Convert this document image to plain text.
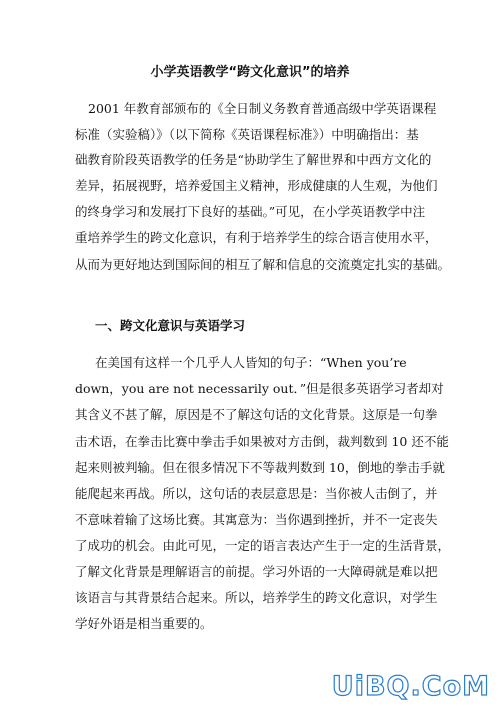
小学英语教学“跨文化意识”的培养
2001 年教育部颁布的《全日制义务教育普通高级中学英语课程
标准（实验稿）》（以下简称《英语课程标准》）中明确指出：基
础教育阶段英语教学的任务是“协助学生了解世界和中西方文化的
差异，拓展视野，培养爱国主义精神，形成健康的人生观，为他们
的终身学习和发展打下良好的基础。”可见，在小学英语教学中注
重培养学生的跨文化意识，有利于培养学生的综合语言使用水平，
从而为更好地达到国际间的相互了解和信息的交流奠定扎实的基础。
一、跨文化意识与英语学习
在美国有这样一个几乎人人皆知的句子：“When you’re
down，you are not necessarily out．”但是很多英语学习者却对
其含义不甚了解，原因是不了解这句话的文化背景。这原是一句拳
击术语，在拳击比赛中拳击手如果被对方击倒，裁判数到 10 还不能
起来则被判输。但在很多情况下不等裁判数到 10，倒地的拳击手就
能爬起来再战。所以，这句话的表层意思是：当你被人击倒了，并
不意味着输了这场比赛。其寓意为：当你遇到挫折，并不一定丧失
了成功的机会。由此可见，一定的语言表达产生于一定的生活背景，
了解文化背景是理解语言的前提。学习外语的一大障碍就是难以把
该语言与其背景结合起来。所以，培养学生的跨文化意识，对学生
学好外语是相当重要的。
UiBQ.CoM
